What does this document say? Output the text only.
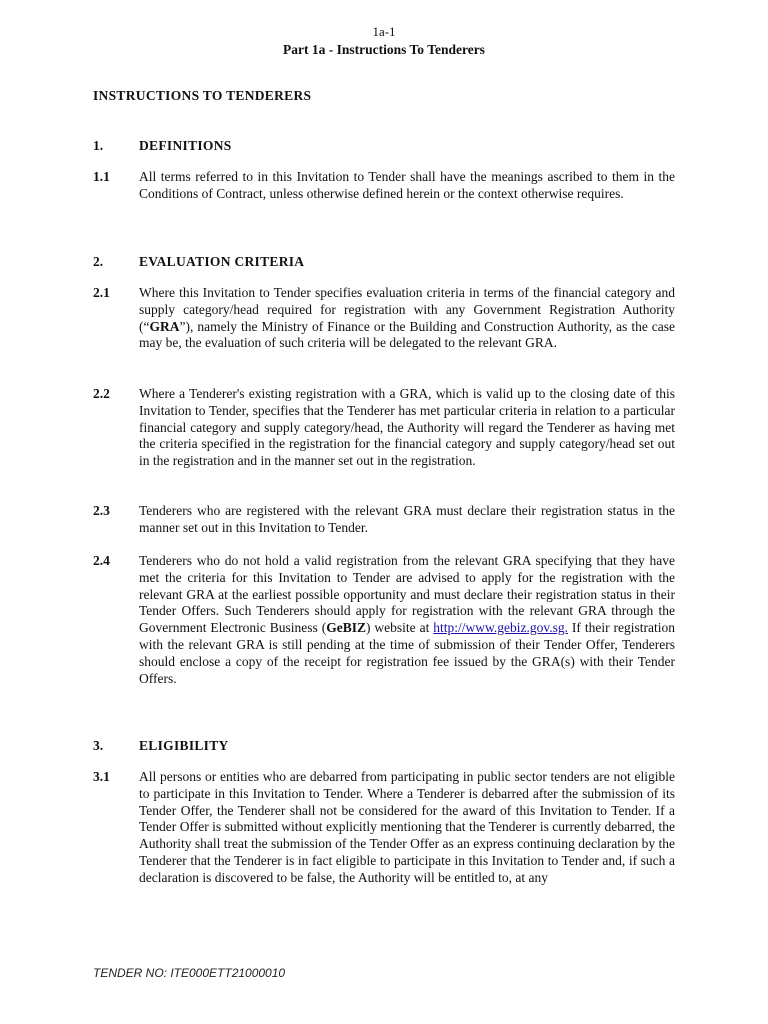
1a-1
Part 1a - Instructions To Tenderers
INSTRUCTIONS TO TENDERERS
1.	DEFINITIONS
1.1	All terms referred to in this Invitation to Tender shall have the meanings ascribed to them in the Conditions of Contract, unless otherwise defined herein or the context otherwise requires.
2.	EVALUATION CRITERIA
2.1	Where this Invitation to Tender specifies evaluation criteria in terms of the financial category and supply category/head required for registration with any Government Registration Authority (“GRA”), namely the Ministry of Finance or the Building and Construction Authority, as the case may be, the evaluation of such criteria will be delegated to the relevant GRA.
2.2	Where a Tenderer's existing registration with a GRA, which is valid up to the closing date of this Invitation to Tender, specifies that the Tenderer has met particular criteria in relation to a particular financial category and supply category/head, the Authority will regard the Tenderer as having met the criteria specified in the registration for the financial category and supply category/head set out in the registration and in the manner set out in the registration.
2.3	Tenderers who are registered with the relevant GRA must declare their registration status in the manner set out in this Invitation to Tender.
2.4	Tenderers who do not hold a valid registration from the relevant GRA specifying that they have met the criteria for this Invitation to Tender are advised to apply for the registration with the relevant GRA at the earliest possible opportunity and must declare their registration status in their Tender Offers. Such Tenderers should apply for registration with the relevant GRA through the Government Electronic Business (GeBIZ) website at http://www.gebiz.gov.sg. If their registration with the relevant GRA is still pending at the time of submission of their Tender Offer, Tenderers should enclose a copy of the receipt for registration fee issued by the GRA(s) with their Tender Offers.
3.	ELIGIBILITY
3.1	All persons or entities who are debarred from participating in public sector tenders are not eligible to participate in this Invitation to Tender. Where a Tenderer is debarred after the submission of its Tender Offer, the Tenderer shall not be considered for the award of this Invitation to Tender. If a Tender Offer is submitted without explicitly mentioning that the Tenderer is currently debarred, the Authority shall treat the submission of the Tender Offer as an express continuing declaration by the Tenderer that the Tenderer is in fact eligible to participate in this Invitation to Tender and, if such a declaration is discovered to be false, the Authority will be entitled to, at any
TENDER NO: ITE000ETT21000010
